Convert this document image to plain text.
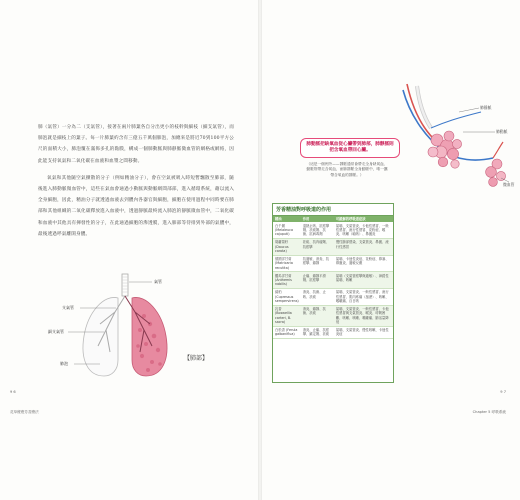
肺（氣管）一分為二（支氣管），接著在兩片肺葉各自分出更小的枝幹與細枝（細支氣管），而肺泡就是細枝上的葉子。每一片肺葉約含有三億五千萬個肺泡，加總來是將近70到100平方公尺的面積大小，肺泡覆在滿佈多孔的黏膜，構成一個肺動脈與肺靜脈微血管的網格或網絡，因此能支持氧氣和二氧化碳在血液和血漿之間移動。

氧氣和其他隨空氣擴散的分子（例如精油分子），會在空氣被吸入時短暫飄散至肺部，隨後進入肺動脈微血管中，這些在氣血會通過小動脈與動脈網間部部，進入循環系統，藉以流入全身細胞，因此，精油分子就透過血液去到體內各器官與細胞，細胞在使用過程中同時要在肺部和其他組織的二氧化碳釋放進入血液中，透過靜脈最終流入肺泡的靜脈微血管中，二氧化碳和血液中其他具有揮發性的分子，在此通過細胞的滲透膜，進入肺部等待排到外部的氣體中，最後透過呼氣離開身體。

氣管
支氣管
細支氣管
肺泡
【肺部】
9 6
花草療癒芳香療法
肺靜脈
肺動脈
微血管
肺動脈把缺氧血從心臟帶到肺部，肺靜脈則把含氧血帶回心臟。
（這是一個例外——靜脈通常會帶走全身缺氧血、動脈則帶走含氧血，而肺靜脈全身動脈中，唯一攜帶含氧血的靜脈。）
芳香精油對呼吸道的作用
精油	作用	可緩解的呼吸道症狀
白千層 (Melaleuca cajuputi)	退熱止咳、抗痙攣劑、祛痰劑、抗菌、抗病毒劑	氣喘、支氣管炎、卡他性感冒、一般性感冒、流行性感冒、花粉症、喉炎、咳嗽（嗆咳）、鼻竇炎
胡蘿蔔籽 (Daucus carota)	祛痰、抗肉瘤劑、抗痙攣	慢性肺部感染、支氣管炎、鼻竇、流行性感冒
德國洋甘菊 (Matricaria recutita)	抗過敏、消炎、抗痙攣、鎮靜	氣喘、卡他性炎症、花粉症、鼻塞、鼻竇炎、過敏反應
羅馬洋甘菊 (Anthemis nobilis)	止痛、鎮靜平滑劑、抗痙攣	氣喘（支氣管痙攣與過敏）、神經性氣喘、咳嗽
絲柏 (Cupressus sempervirens)	消炎、抗菌、止咳、祛痰	氣喘、支氣管炎、一般性感冒、流行性感冒、肌肉疼痛（風溼）、咳嗽、喉嚨痛、百日咳
乳香 (Boswellia carteri, B. sacra)	消炎、鎮靜、抗菌、祛痰	氣喘、支氣管炎、一般性感冒、卡他性感冒與支氣管炎、喉炎、呼吸困難、咳嗽、咳嗽、喉嚨痛、肺活量降低
白松香 (Ferula galbaniflua)	消炎、止痛、抗痙攣、鎮定劑、祛痰	氣喘、支氣管炎、慢性咳嗽、卡他性炎症
9 7
Chapter 5 呼吸系統
